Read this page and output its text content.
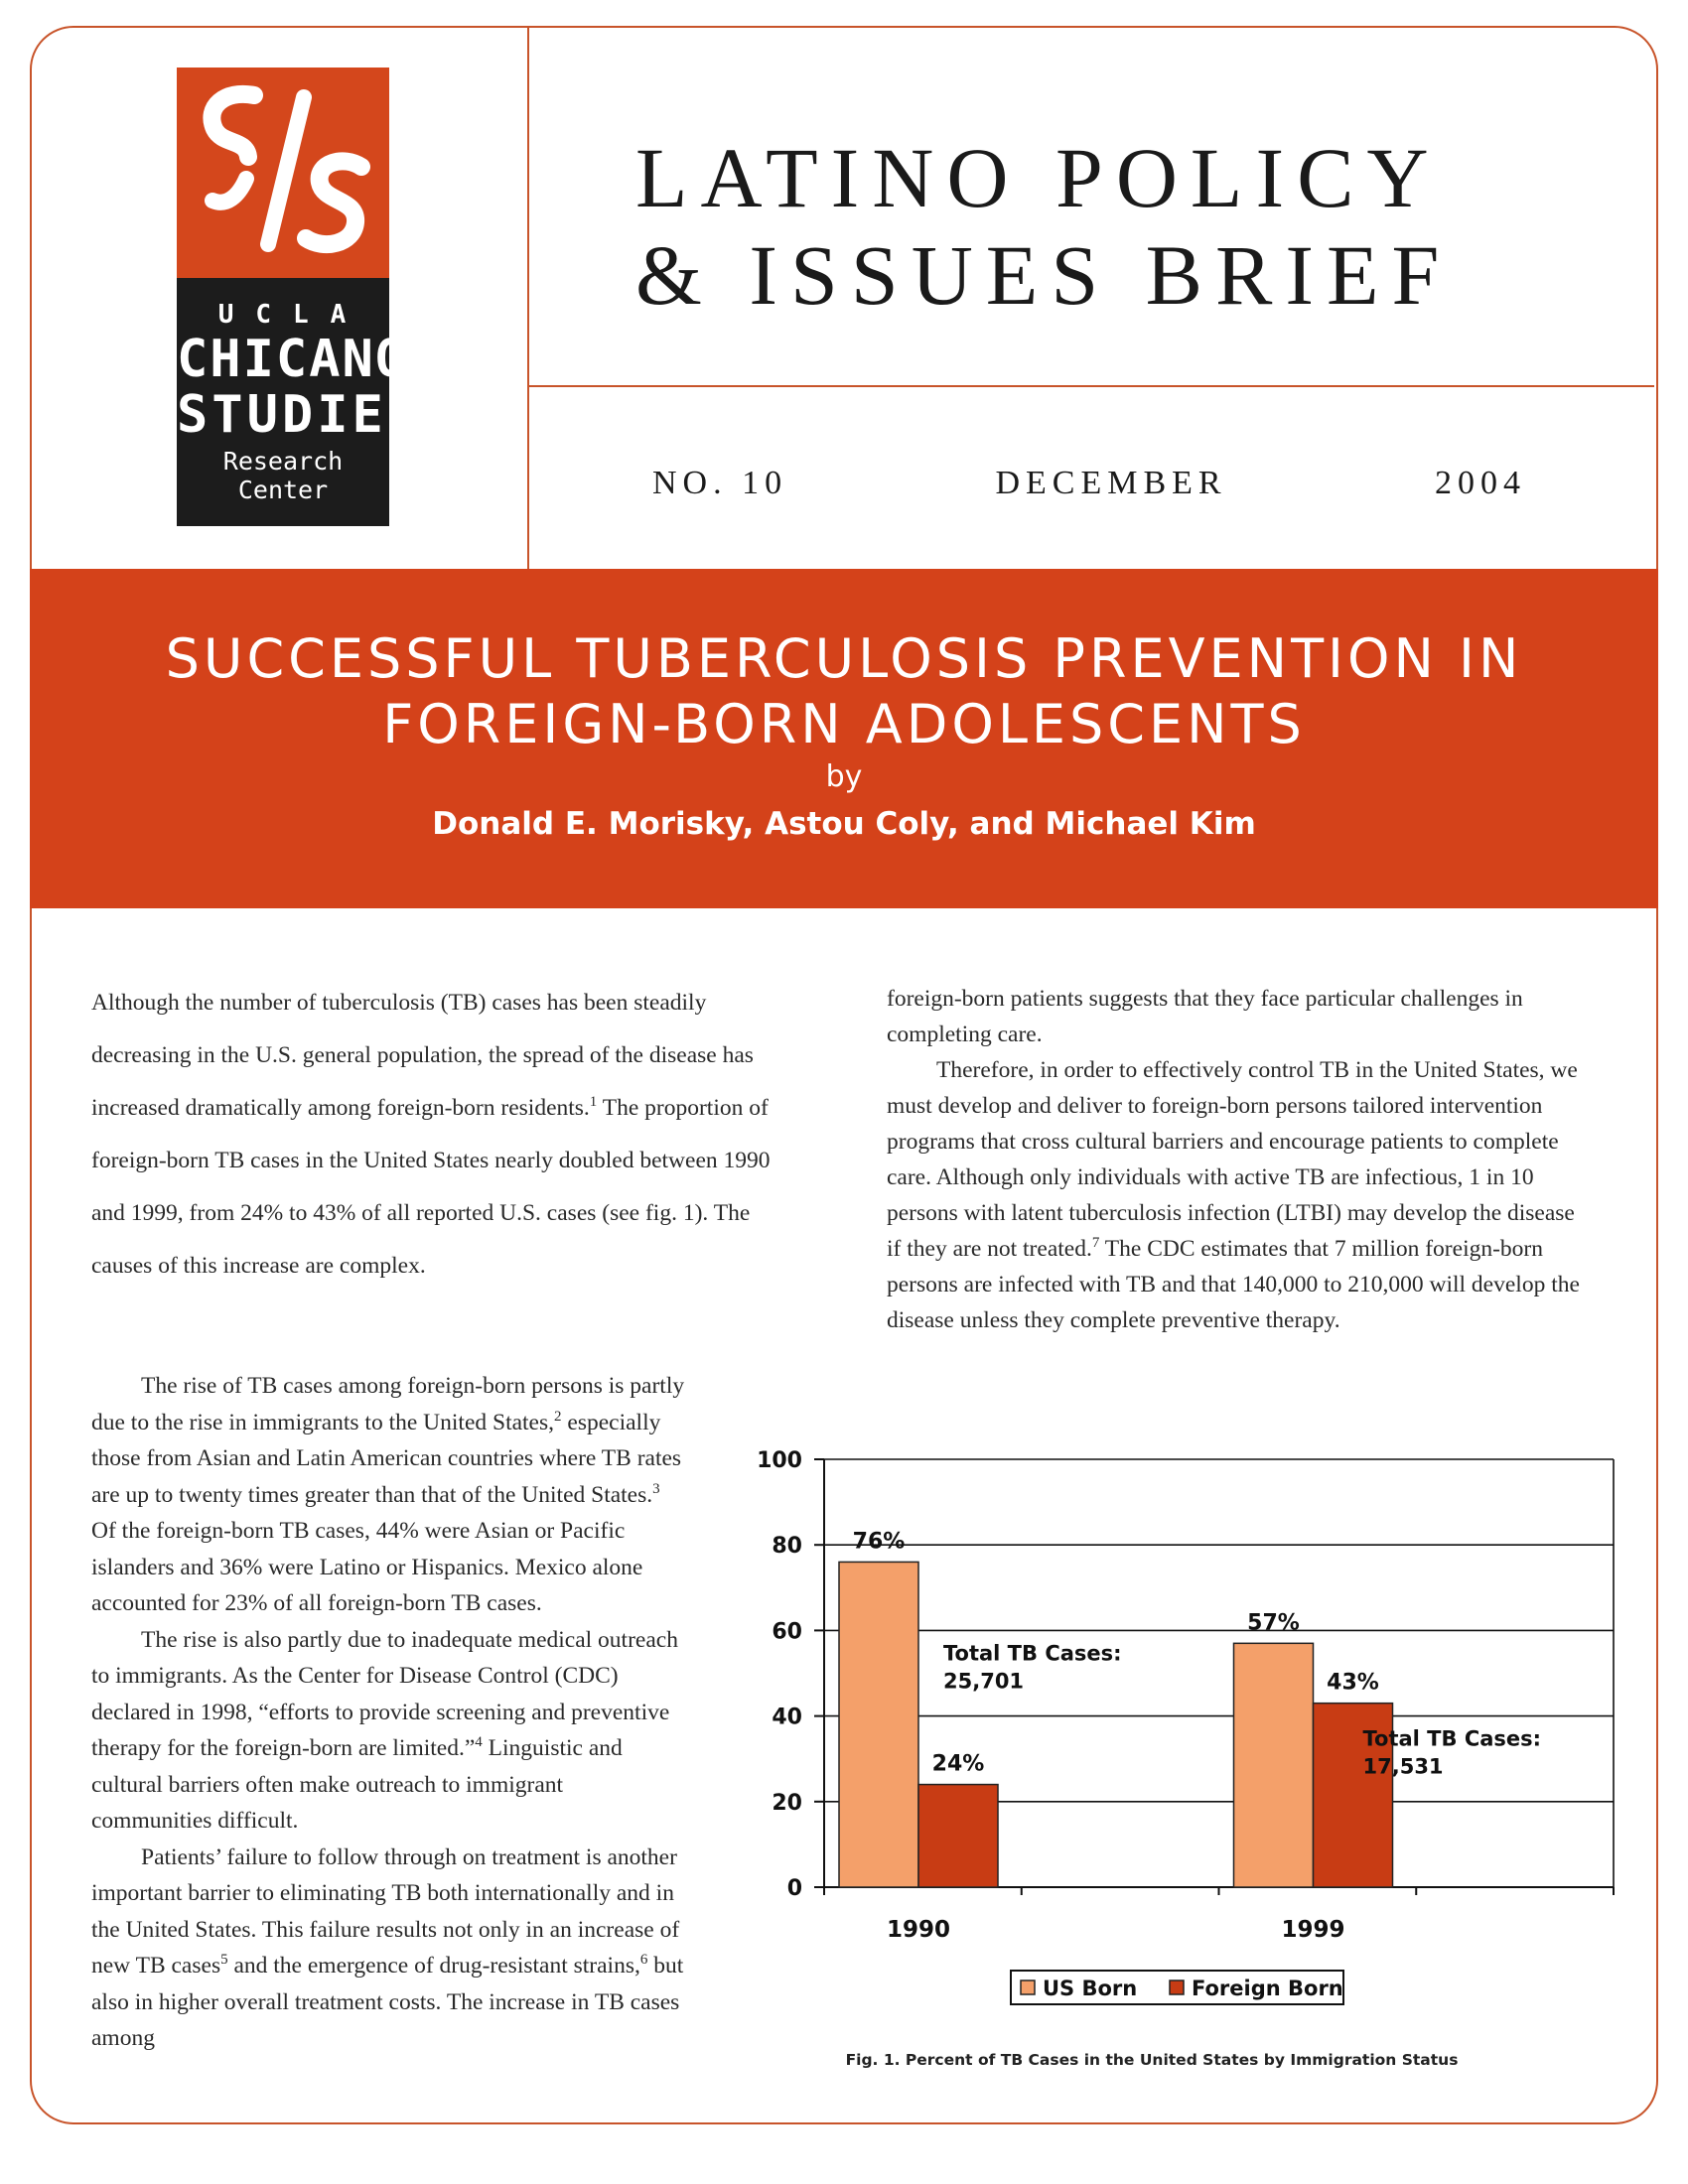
UCLA
CHICANO
STUDIES
Research Center
LATINO POLICY
& ISSUES BRIEF
NO. 10	DECEMBER	2004
SUCCESSFUL TUBERCULOSIS PREVENTION IN
FOREIGN-BORN ADOLESCENTS
by
Donald E. Morisky, Astou Coly, and Michael Kim
Although the number of tuberculosis (TB) cases has been steadily decreasing in the U.S. general population, the spread of the disease has increased dramatically among foreign-born residents.$^1$ The proportion of foreign-born TB cases in the United States nearly doubled between 1990 and 1999, from 24% to 43% of all reported U.S. cases (see fig. 1). The causes of this increase are complex.

The rise of TB cases among foreign-born persons is partly due to the rise in immigrants to the United States,$^2$ especially those from Asian and Latin American countries where TB rates are up to twenty times greater than that of the United States.$^3$ Of the foreign-born TB cases, 44% were Asian or Pacific islanders and 36% were Latino or Hispanics. Mexico alone accounted for 23% of all foreign-born TB cases.

The rise is also partly due to inadequate medical outreach to immigrants. As the Center for Disease Control (CDC) declared in 1998, “efforts to provide screening and preventive therapy for the foreign-born are limited.”$^4$ Linguistic and cultural barriers often make outreach to immigrant communities difficult.

Patients’ failure to follow through on treatment is another important barrier to eliminating TB both internationally and in the United States. This failure results not only in an increase of new TB cases$^5$ and the emergence of drug-resistant strains,$^6$ but also in higher overall treatment costs. The increase in TB cases among

foreign-born patients suggests that they face particular challenges in completing care.

Therefore, in order to effectively control TB in the United States, we must develop and deliver to foreign-born persons tailored intervention programs that cross cultural barriers and encourage patients to complete care. Although only individuals with active TB are infectious, 1 in 10 persons with latent tuberculosis infection (LTBI) may develop the disease if they are not treated.$^7$ The CDC estimates that 7 million foreign-born persons are infected with TB and that 140,000 to 210,000 will develop the disease unless they complete preventive therapy.

0
20
40
60
80
100
76%
24%
1990
57%
43%
1999
Total TB Cases:
25,701
Total TB Cases:
17,531
US Born	Foreign Born
Fig. 1. Percent of TB Cases in the United States by Immigration Status
